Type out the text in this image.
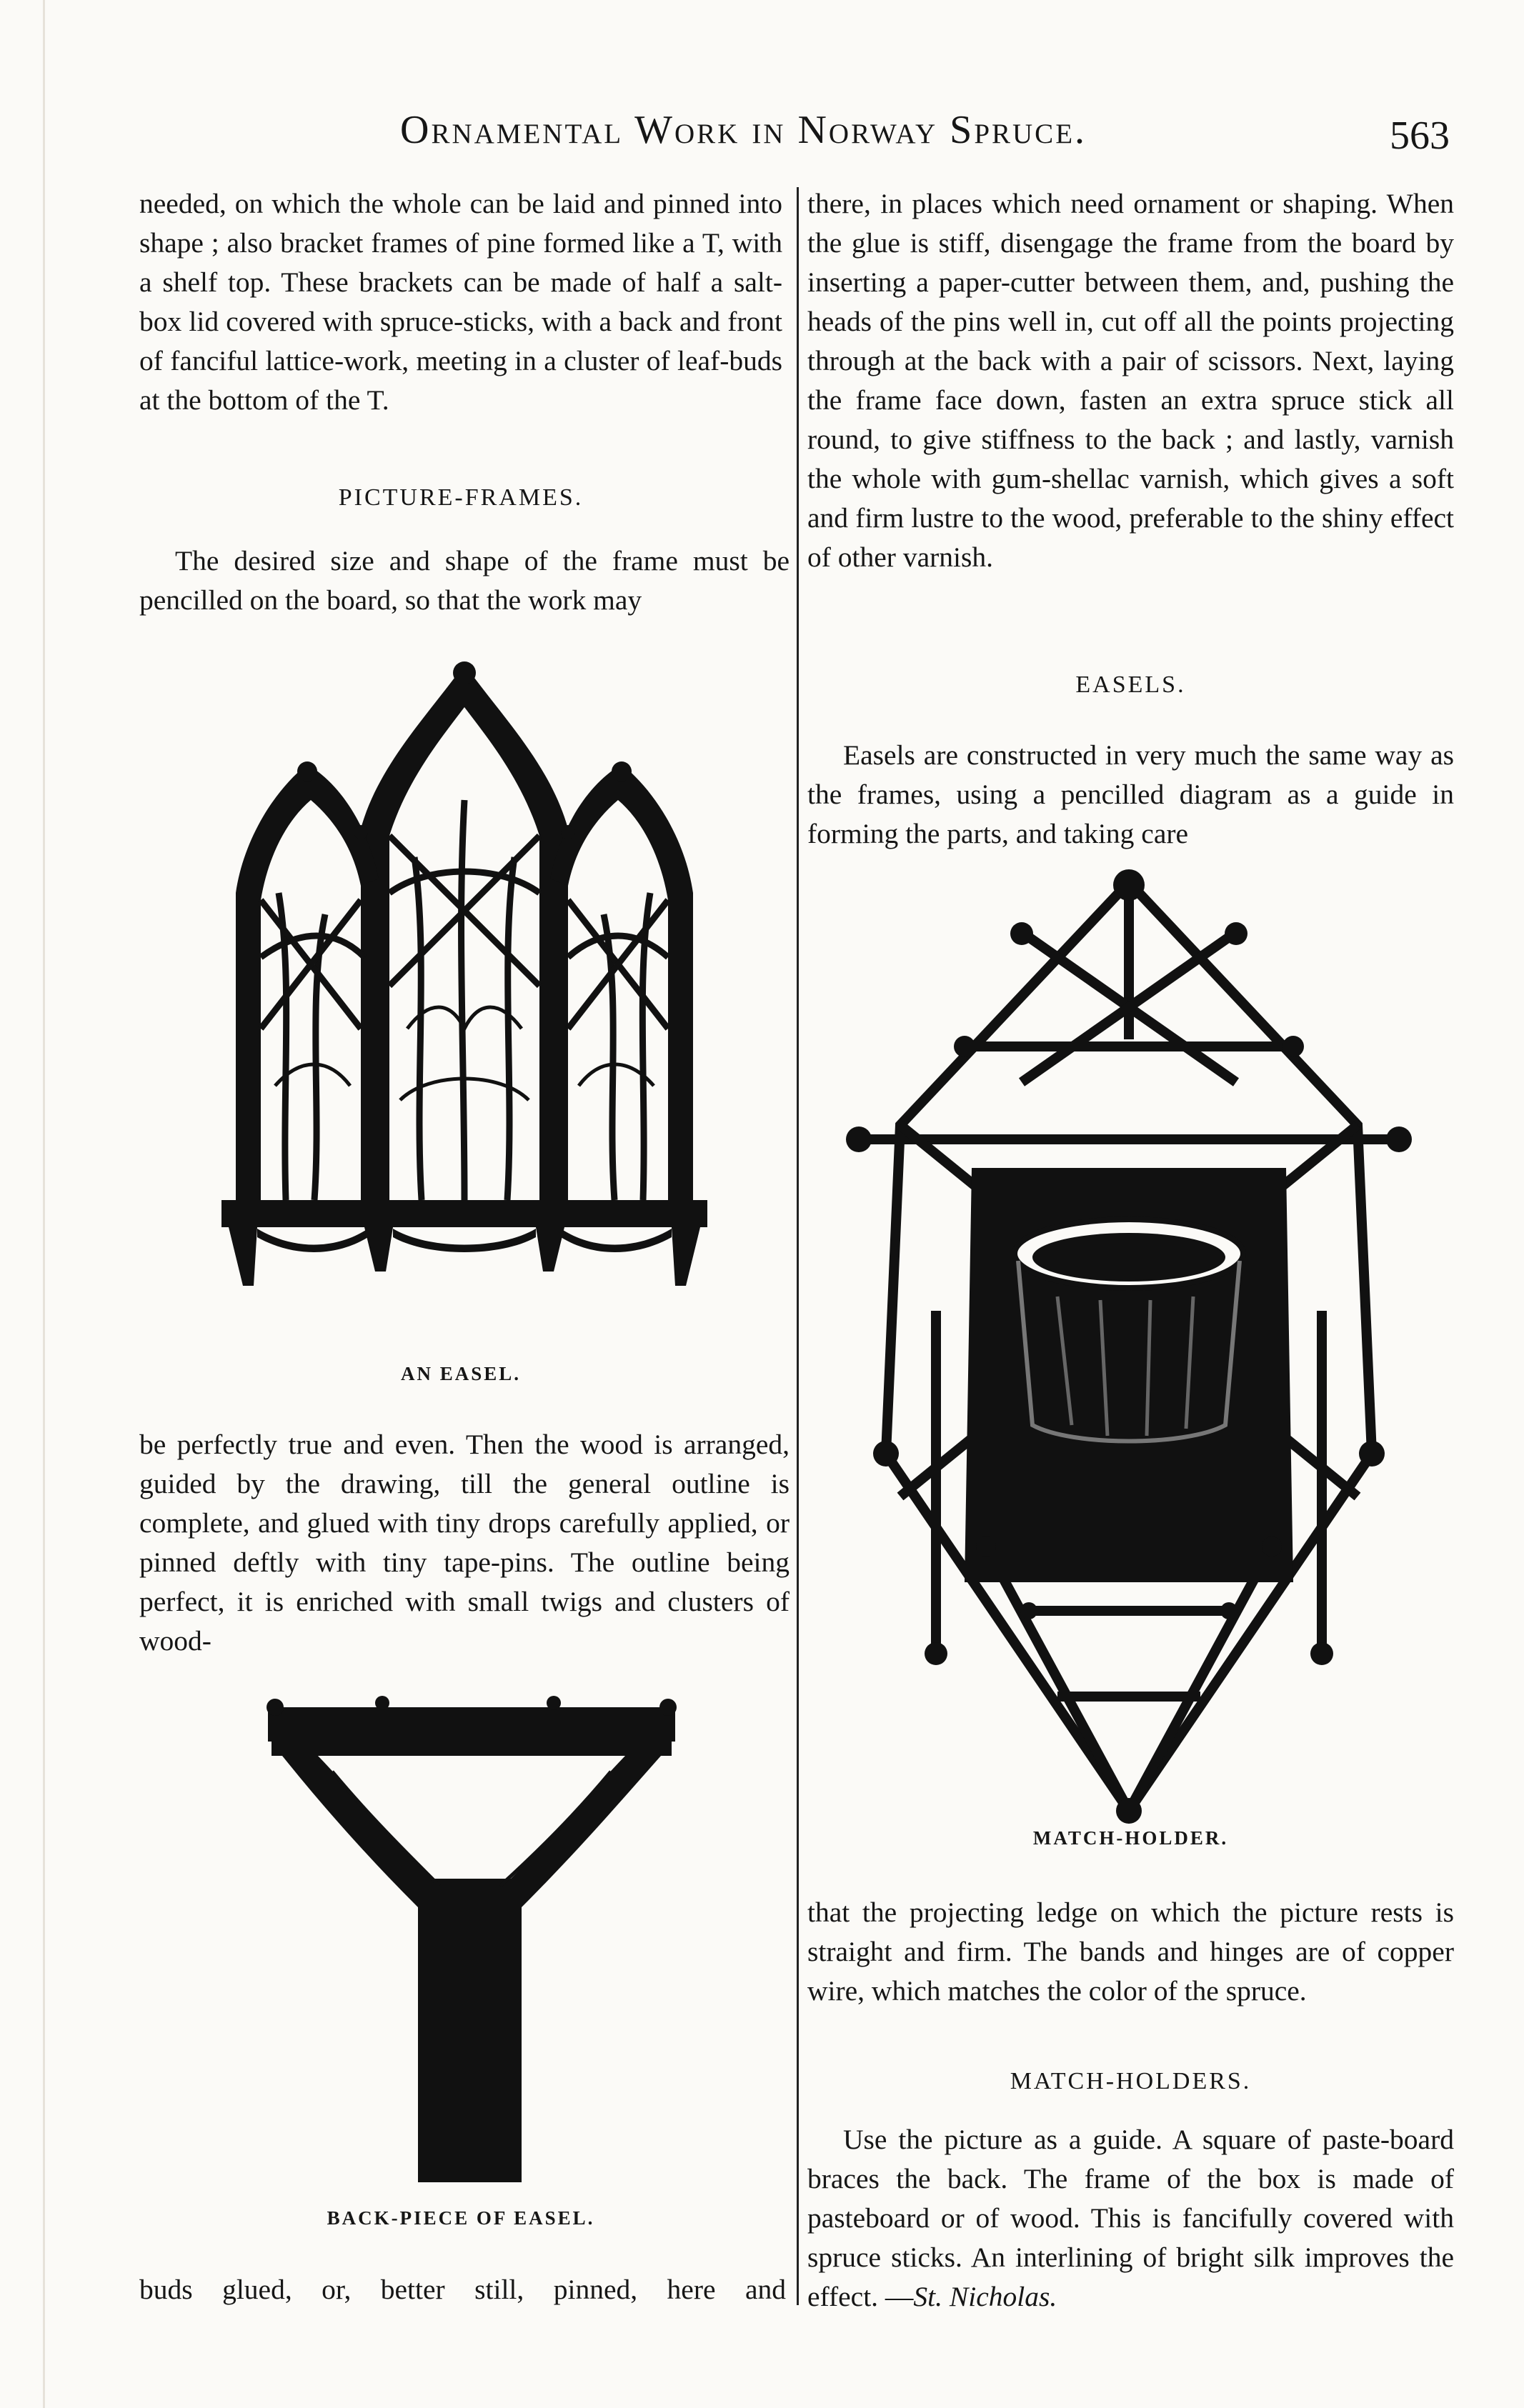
Ornamental Work in Norway Spruce.	563

needed, on which the whole can be laid and pinned into shape ; also bracket frames of pine formed like a T, with a shelf top. These brackets can be made of half a salt-box lid covered with spruce-sticks, with a back and front of fanciful lattice-work, meeting in a cluster of leaf-buds at the bottom of the T.

PICTURE-FRAMES.

The desired size and shape of the frame must be pencilled on the board, so that the work may

AN EASEL.

be perfectly true and even. Then the wood is arranged, guided by the drawing, till the general outline is complete, and glued with tiny drops carefully applied, or pinned deftly with tiny tape-pins. The outline being perfect, it is enriched with small twigs and clusters of wood-

BACK-PIECE OF EASEL.

buds glued, or, better still, pinned, here and

there, in places which need ornament or shaping. When the glue is stiff, disengage the frame from the board by inserting a paper-cutter between them, and, pushing the heads of the pins well in, cut off all the points projecting through at the back with a pair of scissors. Next, laying the frame face down, fasten an extra spruce stick all round, to give stiffness to the back ; and lastly, varnish the whole with gum-shellac varnish, which gives a soft and firm lustre to the wood, preferable to the shiny effect of other varnish.

EASELS.

Easels are constructed in very much the same way as the frames, using a pencilled diagram as a guide in forming the parts, and taking care

MATCH-HOLDER.

that the projecting ledge on which the picture rests is straight and firm. The bands and hinges are of copper wire, which matches the color of the spruce.

MATCH-HOLDERS.

Use the picture as a guide. A square of paste-board braces the back. The frame of the box is made of pasteboard or of wood. This is fancifully covered with spruce sticks. An interlining of bright silk improves the effect. —St. Nicholas.
